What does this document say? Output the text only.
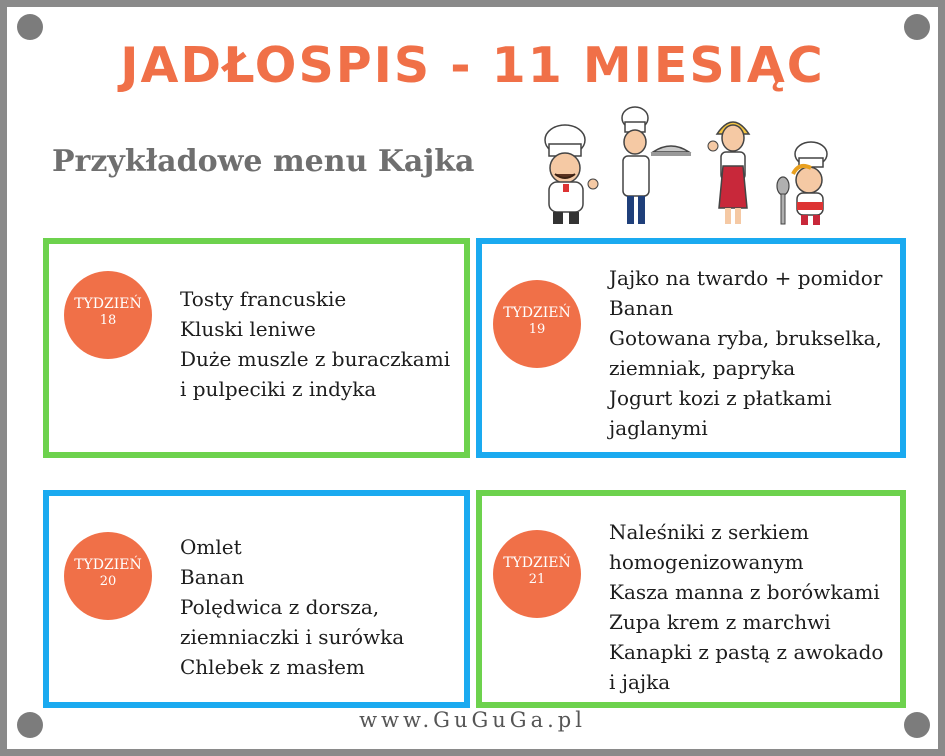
JADŁOSPIS - 11 MIESIĄC
Przykładowe menu Kajka
TYDZIEŃ
18
Tosty francuskie
Kluski leniwe
Duże muszle z buraczkami
i pulpeciki z indyka
TYDZIEŃ
19
Jajko na twardo + pomidor
Banan
Gotowana ryba, brukselka,
ziemniak, papryka
Jogurt kozi z płatkami
jaglanymi
TYDZIEŃ
20
Omlet
Banan
Polędwica z dorsza,
ziemniaczki i surówka
Chlebek z masłem
TYDZIEŃ
21
Naleśniki z serkiem
homogenizowanym
Kasza manna z borówkami
Zupa krem z marchwi
Kanapki z pastą z awokado
i jajka
www.GuGuGa.pl
